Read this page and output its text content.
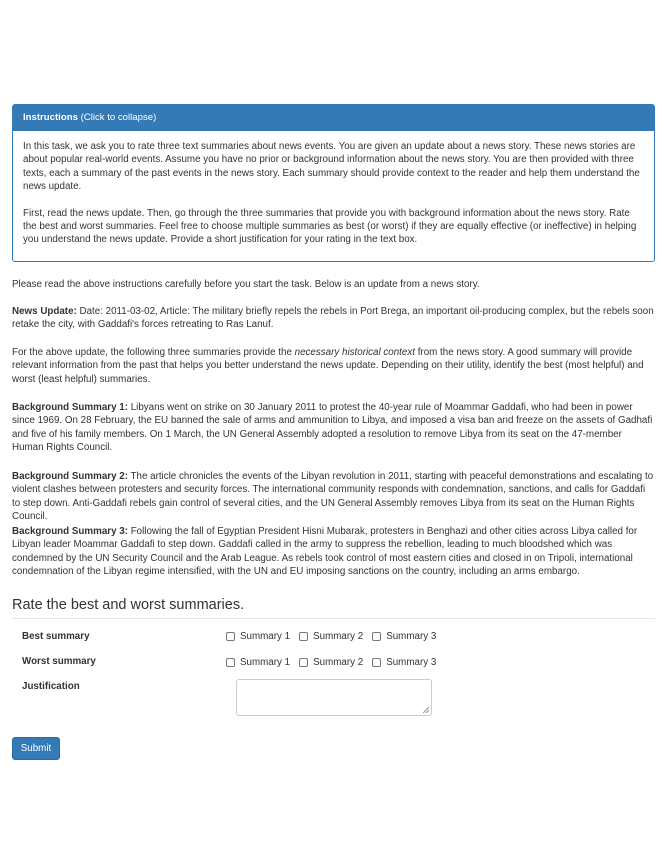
Instructions (Click to collapse)

In this task, we ask you to rate three text summaries about news events. You are given an update about a news story. These news stories are about popular real-world events. Assume you have no prior or background information about the news story. You are then provided with three texts, each a summary of the past events in the news story. Each summary should provide context to the reader and help them understand the news update.

First, read the news update. Then, go through the three summaries that provide you with background information about the news story. Rate the best and worst summaries. Feel free to choose multiple summaries as best (or worst) if they are equally effective (or ineffective) in helping you understand the news update. Provide a short justification for your rating in the text box.

Please read the above instructions carefully before you start the task. Below is an update from a news story.

News Update: Date: 2011-03-02, Article: The military briefly repels the rebels in Port Brega, an important oil-producing complex, but the rebels soon retake the city, with Gaddafi's forces retreating to Ras Lanuf.

For the above update, the following three summaries provide the necessary historical context from the news story. A good summary will provide relevant information from the past that helps you better understand the news update. Depending on their utility, identify the best (most helpful) and worst (least helpful) summaries.

Background Summary 1: Libyans went on strike on 30 January 2011 to protest the 40-year rule of Moammar Gaddafi, who had been in power since 1969. On 28 February, the EU banned the sale of arms and ammunition to Libya, and imposed a visa ban and freeze on the assets of Gadhafi and five of his family members. On 1 March, the UN General Assembly adopted a resolution to remove Libya from its seat on the 47-member Human Rights Council.

Background Summary 2: The article chronicles the events of the Libyan revolution in 2011, starting with peaceful demonstrations and escalating to violent clashes between protesters and security forces. The international community responds with condemnation, sanctions, and calls for Gaddafi to step down. Anti-Gaddafi rebels gain control of several cities, and the UN General Assembly removes Libya from its seat on the Human Rights Council.

Background Summary 3: Following the fall of Egyptian President Hisni Mubarak, protesters in Benghazi and other cities across Libya called for Libyan leader Moammar Gaddafi to step down. Gaddafi called in the army to suppress the rebellion, leading to much bloodshed which was condemned by the UN Security Council and the Arab League. As rebels took control of most eastern cities and closed in on Tripoli, international condemnation of the Libyan regime intensified, with the UN and EU imposing sanctions on the country, including an arms embargo.

Rate the best and worst summaries.
Best summary	Summary 1 Summary 2 Summary 3
Worst summary	Summary 1 Summary 2 Summary 3
Justification
Submit
